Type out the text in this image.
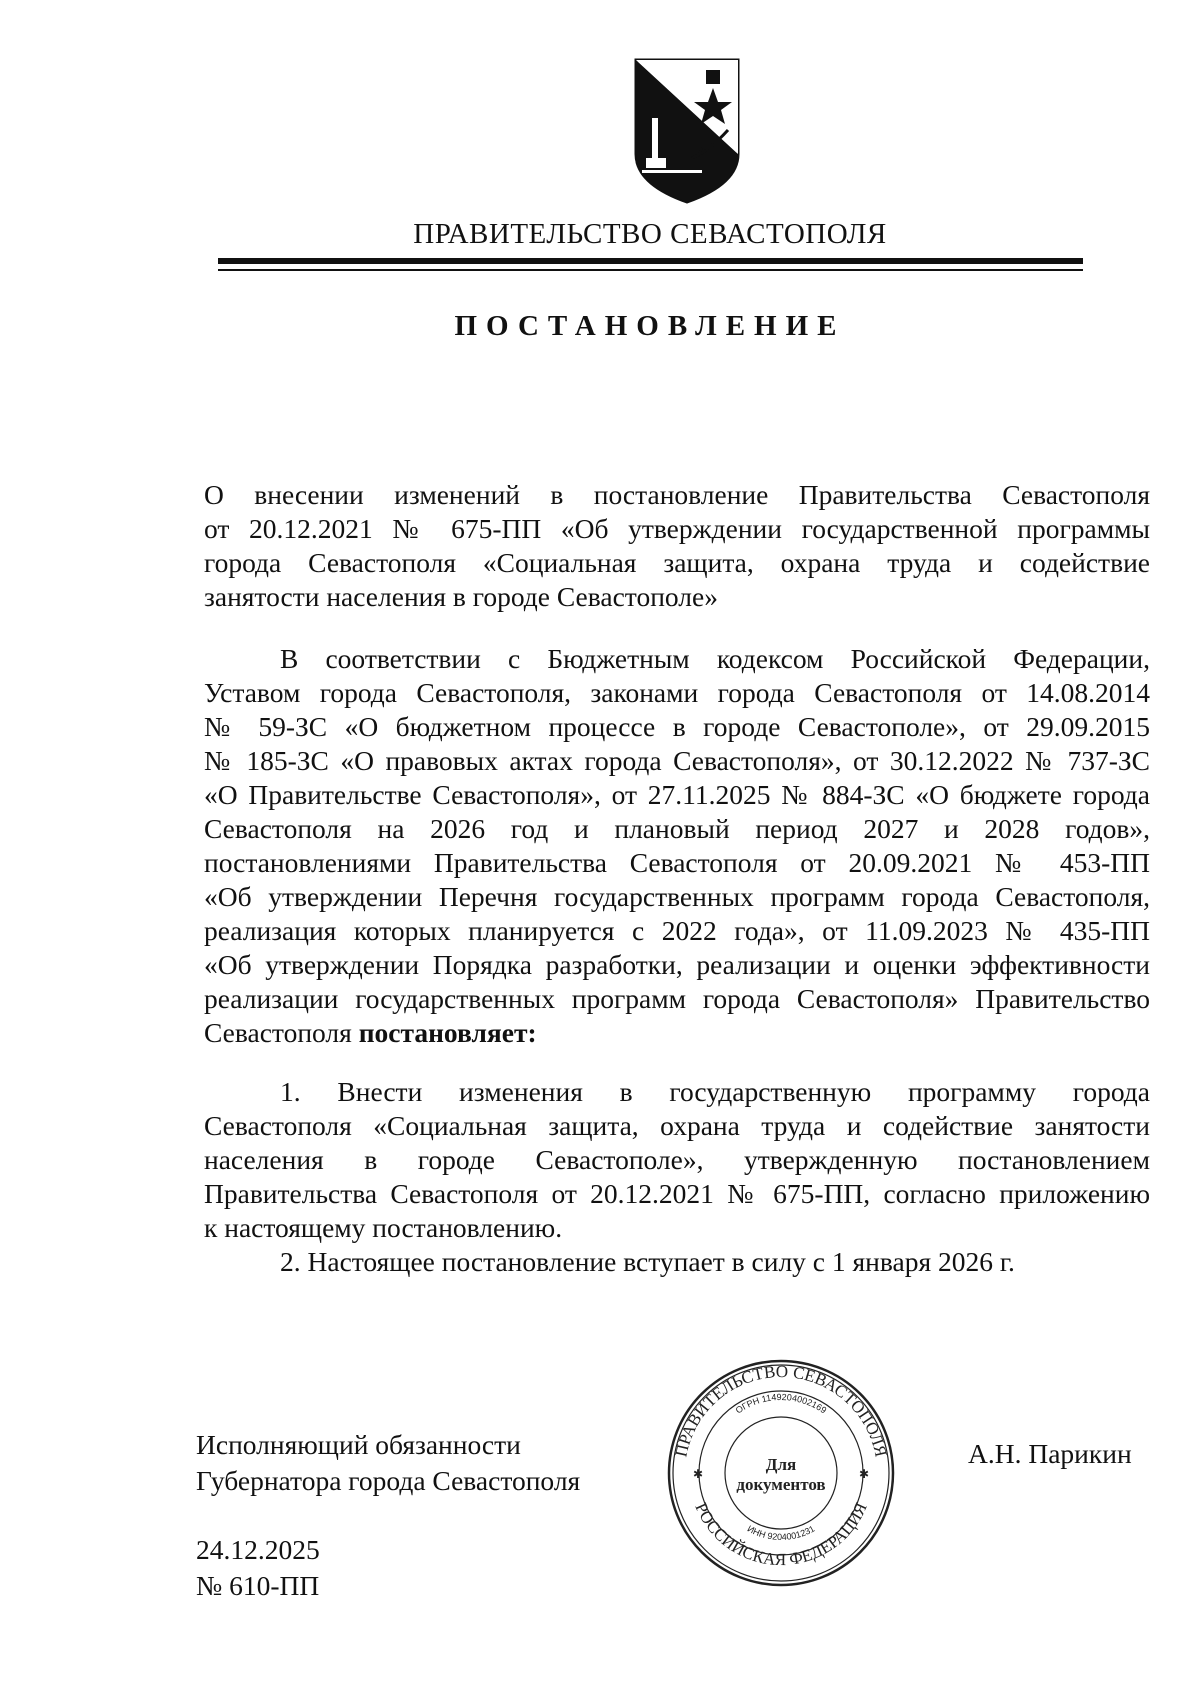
ПРАВИТЕЛЬСТВО СЕВАСТОПОЛЯ
ПОСТАНОВЛЕНИЕ
О внесении изменений в постановление Правительства Севастополя
от 20.12.2021 № 675-ПП «Об утверждении государственной программы
города Севастополя «Социальная защита, охрана труда и содействие
занятости населения в городе Севастополе»
В соответствии с Бюджетным кодексом Российской Федерации,
Уставом города Севастополя, законами города Севастополя от 14.08.2014
№ 59-ЗС «О бюджетном процессе в городе Севастополе», от 29.09.2015
№ 185-ЗС «О правовых актах города Севастополя», от 30.12.2022 № 737-ЗС
«О Правительстве Севастополя», от 27.11.2025 № 884-ЗС «О бюджете города
Севастополя на 2026 год и плановый период 2027 и 2028 годов»,
постановлениями Правительства Севастополя от 20.09.2021 № 453-ПП
«Об утверждении Перечня государственных программ города Севастополя,
реализация которых планируется с 2022 года», от 11.09.2023 № 435-ПП
«Об утверждении Порядка разработки, реализации и оценки эффективности
реализации государственных программ города Севастополя» Правительство
Севастополя постановляет:
1. Внести изменения в государственную программу города
Севастополя «Социальная защита, охрана труда и содействие занятости
населения в городе Севастополе», утвержденную постановлением
Правительства Севастополя от 20.12.2021 № 675-ПП, согласно приложению
к настоящему постановлению.
2. Настоящее постановление вступает в силу с 1 января 2026 г.
Исполняющий обязанности
Губернатора города Севастополя
А.Н. Парикин
24.12.2025
№ 610-ПП
ПРАВИТЕЛЬСТВО СЕВАСТОПОЛЯ
РОССИЙСКАЯ ФЕДЕРАЦИЯ
ОГРН 1149204002169
ИНН 9204001231
✱	✱
Для
документов
